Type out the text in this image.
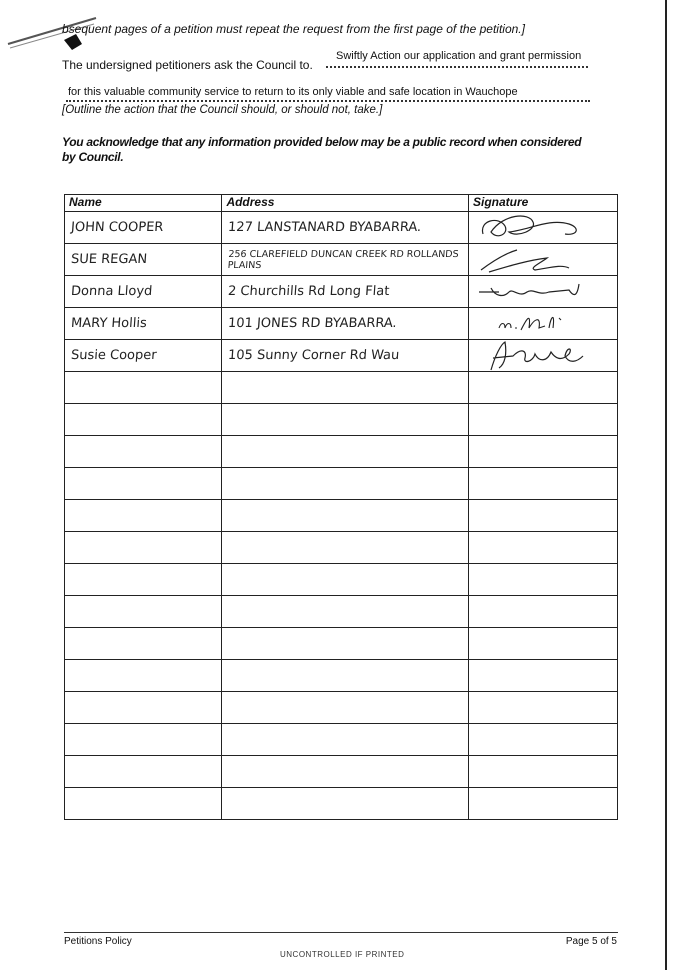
bsequent pages of a petition must repeat the request from the first page of the petition.]
The undersigned petitioners ask the Council to.
Swiftly Action our application and grant permission
for this valuable community service to return to its only viable and safe location in Wauchope
[Outline the action that the Council should, or should not, take.]
You acknowledge that any information provided below may be a public record when considered by Council.
Name	Address	Signature

JOHN COOPER	127 LANSTANARD BYABARRA.

SUE REGAN	256 CLAREFIELD DUNCAN CREEK RD ROLLANDS PLAINS

Donna Lloyd	2 Churchills Rd Long Flat

MARY Hollis	101 JONES RD BYABARRA.

Susie Cooper	105 Sunny Corner Rd Wau

Petitions Policy	Page 5 of 5
UNCONTROLLED IF PRINTED
